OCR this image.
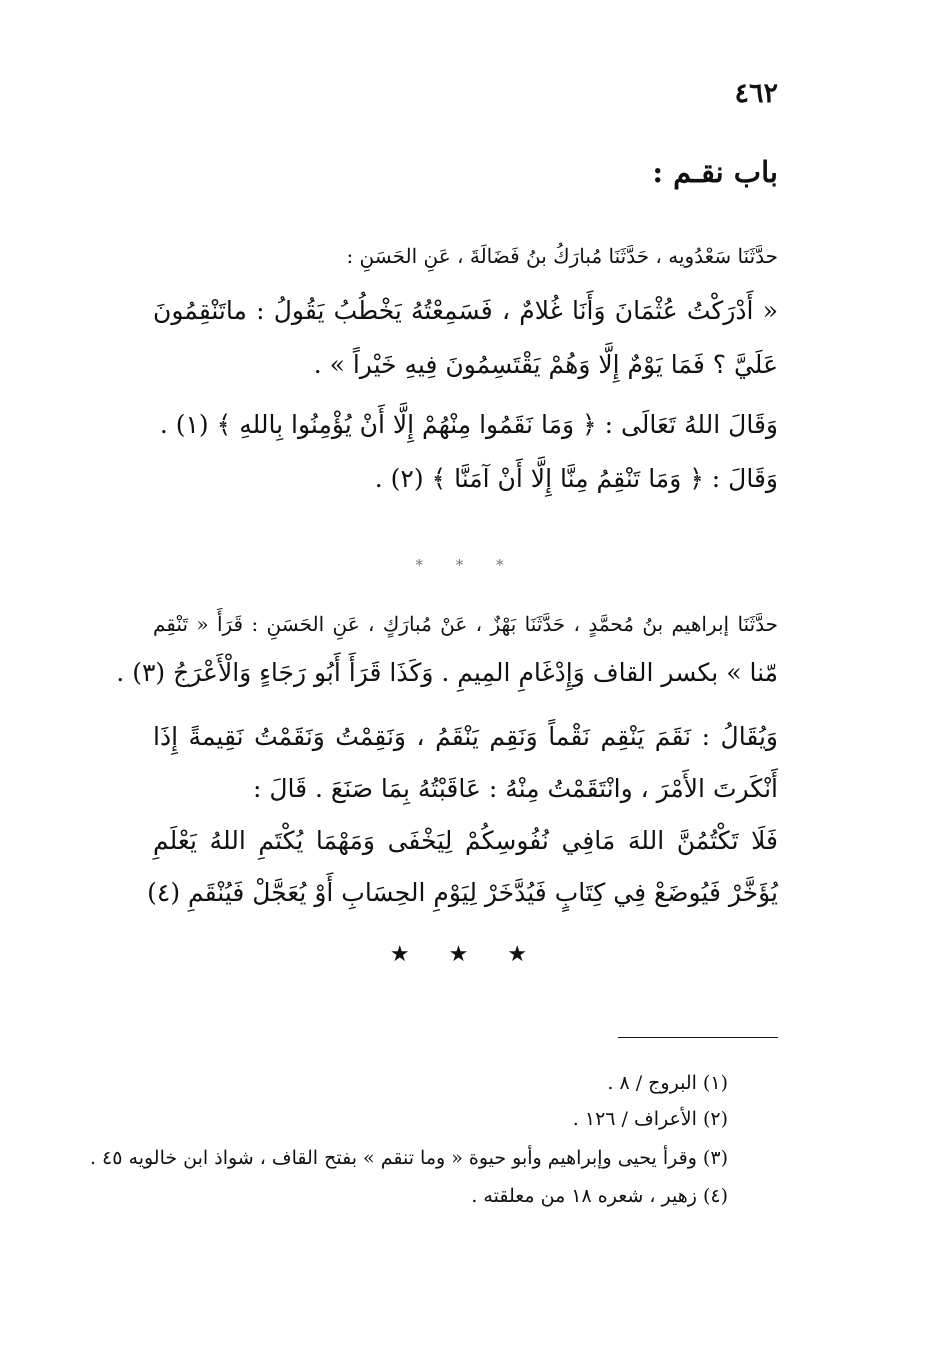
٤٦٢
باب نقـم :
حدَّثَنَا سَعْدُويه ، حَدَّثَنَا مُبارَكُ بنُ فَضَالَةَ ، عَنِ الحَسَنِ :
« أَدْرَكْتُ عُثْمَانَ وَأَنَا غُلامٌ ، فَسَمِعْتُهُ يَخْطُبُ يَقُولُ : ماتَنْقِمُونَ
عَلَيَّ ؟ فَمَا يَوْمٌ إِلَّا وَهُمْ يَقْتَسِمُونَ فِيهِ خَيْراً » .
وَقَالَ اللهُ تَعَالَى : ﴿ وَمَا نَقَمُوا مِنْهُمْ إِلَّا أَنْ يُؤْمِنُوا بِاللهِ ﴾ (١) .
وَقَالَ : ﴿ وَمَا تَنْقِمُ مِنَّا إِلَّا أَنْ آمَنَّا ﴾ (٢) .
* * *
حدَّثَنَا إبراهيم بنُ مُحمَّدٍ ، حَدَّثَنَا بَهْزٌ ، عَنْ مُبارَكٍ ، عَنِ الحَسَنِ : قَرَأَ « تَنْقِم
مّنا » بكسر القاف وَإِدْغَامِ المِيمِ . وَكَذَا قَرَأَ أَبُو رَجَاءٍ وَالْأَعْرَجُ (٣) .
وَيُقَالُ : نَقَمَ يَنْقِم نَقْماً وَنَقِم يَنْقَمُ ، وَنَقِمْتُ وَنَقَمْتُ نَقِيمةً إِذَا
أَنْكَرتَ الأَمْرَ ، وانْتَقَمْتُ مِنْهُ : عَاقَبْتُهُ بِمَا صَنَعَ . قَالَ :
فَلَا تَكْتُمُنَّ اللهَ مَافِي نُفُوسِكُمْ لِيَخْفَى وَمَهْمَا يُكْتَمِ اللهُ يَعْلَمِ
يُؤَخَّرْ فَيُوضَعْ فِي كِتَابٍ فَيُدَّخَرْ لِيَوْمِ الحِسَابِ أَوْ يُعَجَّلْ فَيُنْقَمِ (٤)
★ ★ ★
(١) البروج / ٨ .
(٢) الأعراف / ١٢٦ .
(٣) وقرأ يحيى وإبراهيم وأبو حيوة « وما تنقم » بفتح القاف ، شواذ ابن خالويه ٤٥ .
(٤) زهير ، شعره ١٨ من معلقته .
